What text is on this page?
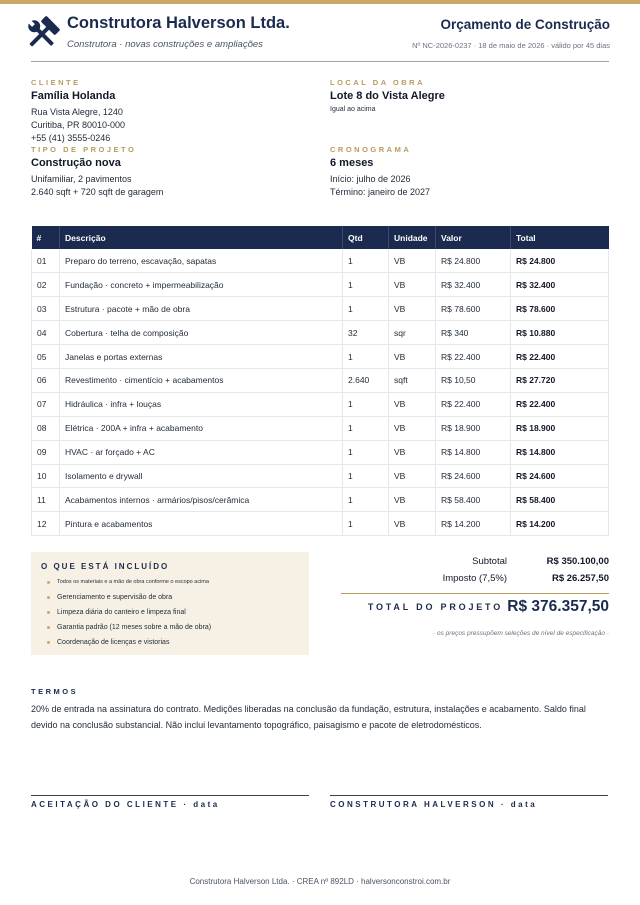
Construtora Halverson Ltda.
Construtora · novas construções e ampliações
Orçamento de Construção
Nº NC-2026-0237 · 18 de maio de 2026 · válido por 45 dias
CLIENTE
Família Holanda
Rua Vista Alegre, 1240
Curitiba, PR 80010-000
+55 (41) 3555-0246
LOCAL DA OBRA
Lote 8 do Vista Alegre
Igual ao acima
TIPO DE PROJETO
Construção nova
Unifamiliar, 2 pavimentos
2.640 sqft + 720 sqft de garagem
CRONOGRAMA
6 meses
Início: julho de 2026
Término: janeiro de 2027
#	Descrição	Qtd	Unidade	Valor	Total
01	Preparo do terreno, escavação, sapatas	1	VB	R$ 24.800	R$ 24.800
02	Fundação · concreto + impermeabilização	1	VB	R$ 32.400	R$ 32.400
03	Estrutura · pacote + mão de obra	1	VB	R$ 78.600	R$ 78.600
04	Cobertura · telha de composição	32	sqr	R$ 340	R$ 10.880
05	Janelas e portas externas	1	VB	R$ 22.400	R$ 22.400
06	Revestimento · cimentício + acabamentos	2.640	sqft	R$ 10,50	R$ 27.720
07	Hidráulica · infra + louças	1	VB	R$ 22.400	R$ 22.400
08	Elétrica · 200A + infra + acabamento	1	VB	R$ 18.900	R$ 18.900
09	HVAC · ar forçado + AC	1	VB	R$ 14.800	R$ 14.800
10	Isolamento e drywall	1	VB	R$ 24.600	R$ 24.600
11	Acabamentos internos · armários/pisos/cerâmica	1	VB	R$ 58.400	R$ 58.400
12	Pintura e acabamentos	1	VB	R$ 14.200	R$ 14.200
O QUE ESTÁ INCLUÍDO
Todos os materiais e a mão de obra conforme o escopo acima
Gerenciamento e supervisão de obra
Limpeza diária do canteiro e limpeza final
Garantia padrão (12 meses sobre a mão de obra)
Coordenação de licenças e vistorias
Subtotal	R$ 350.100,00
Imposto (7,5%)	R$ 26.257,50
TOTAL DO PROJETO R$ 376.357,50
· os preços pressupõem seleções de nível de especificação ·
TERMOS
20% de entrada na assinatura do contrato. Medições liberadas na conclusão da fundação, estrutura, instalações e acabamento. Saldo final devido na conclusão substancial. Não inclui levantamento topográfico, paisagismo e pacote de eletrodomésticos.
ACEITAÇÃO DO CLIENTE · data	CONSTRUTORA HALVERSON · data
Construtora Halverson Ltda. · CREA nº 892LD · halversonconstroi.com.br
